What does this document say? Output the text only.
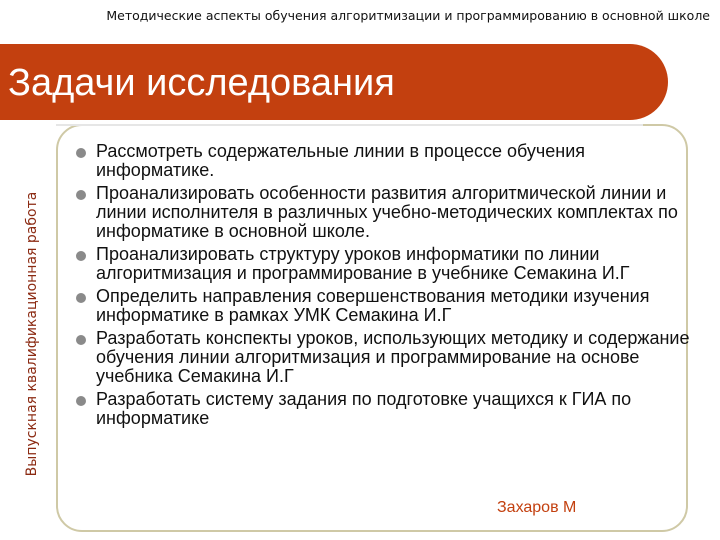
Методические аспекты обучения алгоритмизации и программированию в основной школе
Выпускная квалификационная работа
Задачи исследования
Рассмотреть содержательные линии в процессе обучения информатике.
Проанализировать особенности развития алгоритмической линии и линии исполнителя в различных учебно-методических комплектах по информатике в основной школе.
Проанализировать структуру уроков информатики по линии алгоритмизация и программирование в учебнике Семакина И.Г
Определить направления совершенствования методики изучения информатике в рамках УМК Семакина И.Г
Разработать конспекты уроков, использующих методику и содержание обучения линии алгоритмизация и программирование на основе учебника Семакина И.Г
Разработать систему задания по подготовке учащихся к ГИА по информатике
Захаров М
